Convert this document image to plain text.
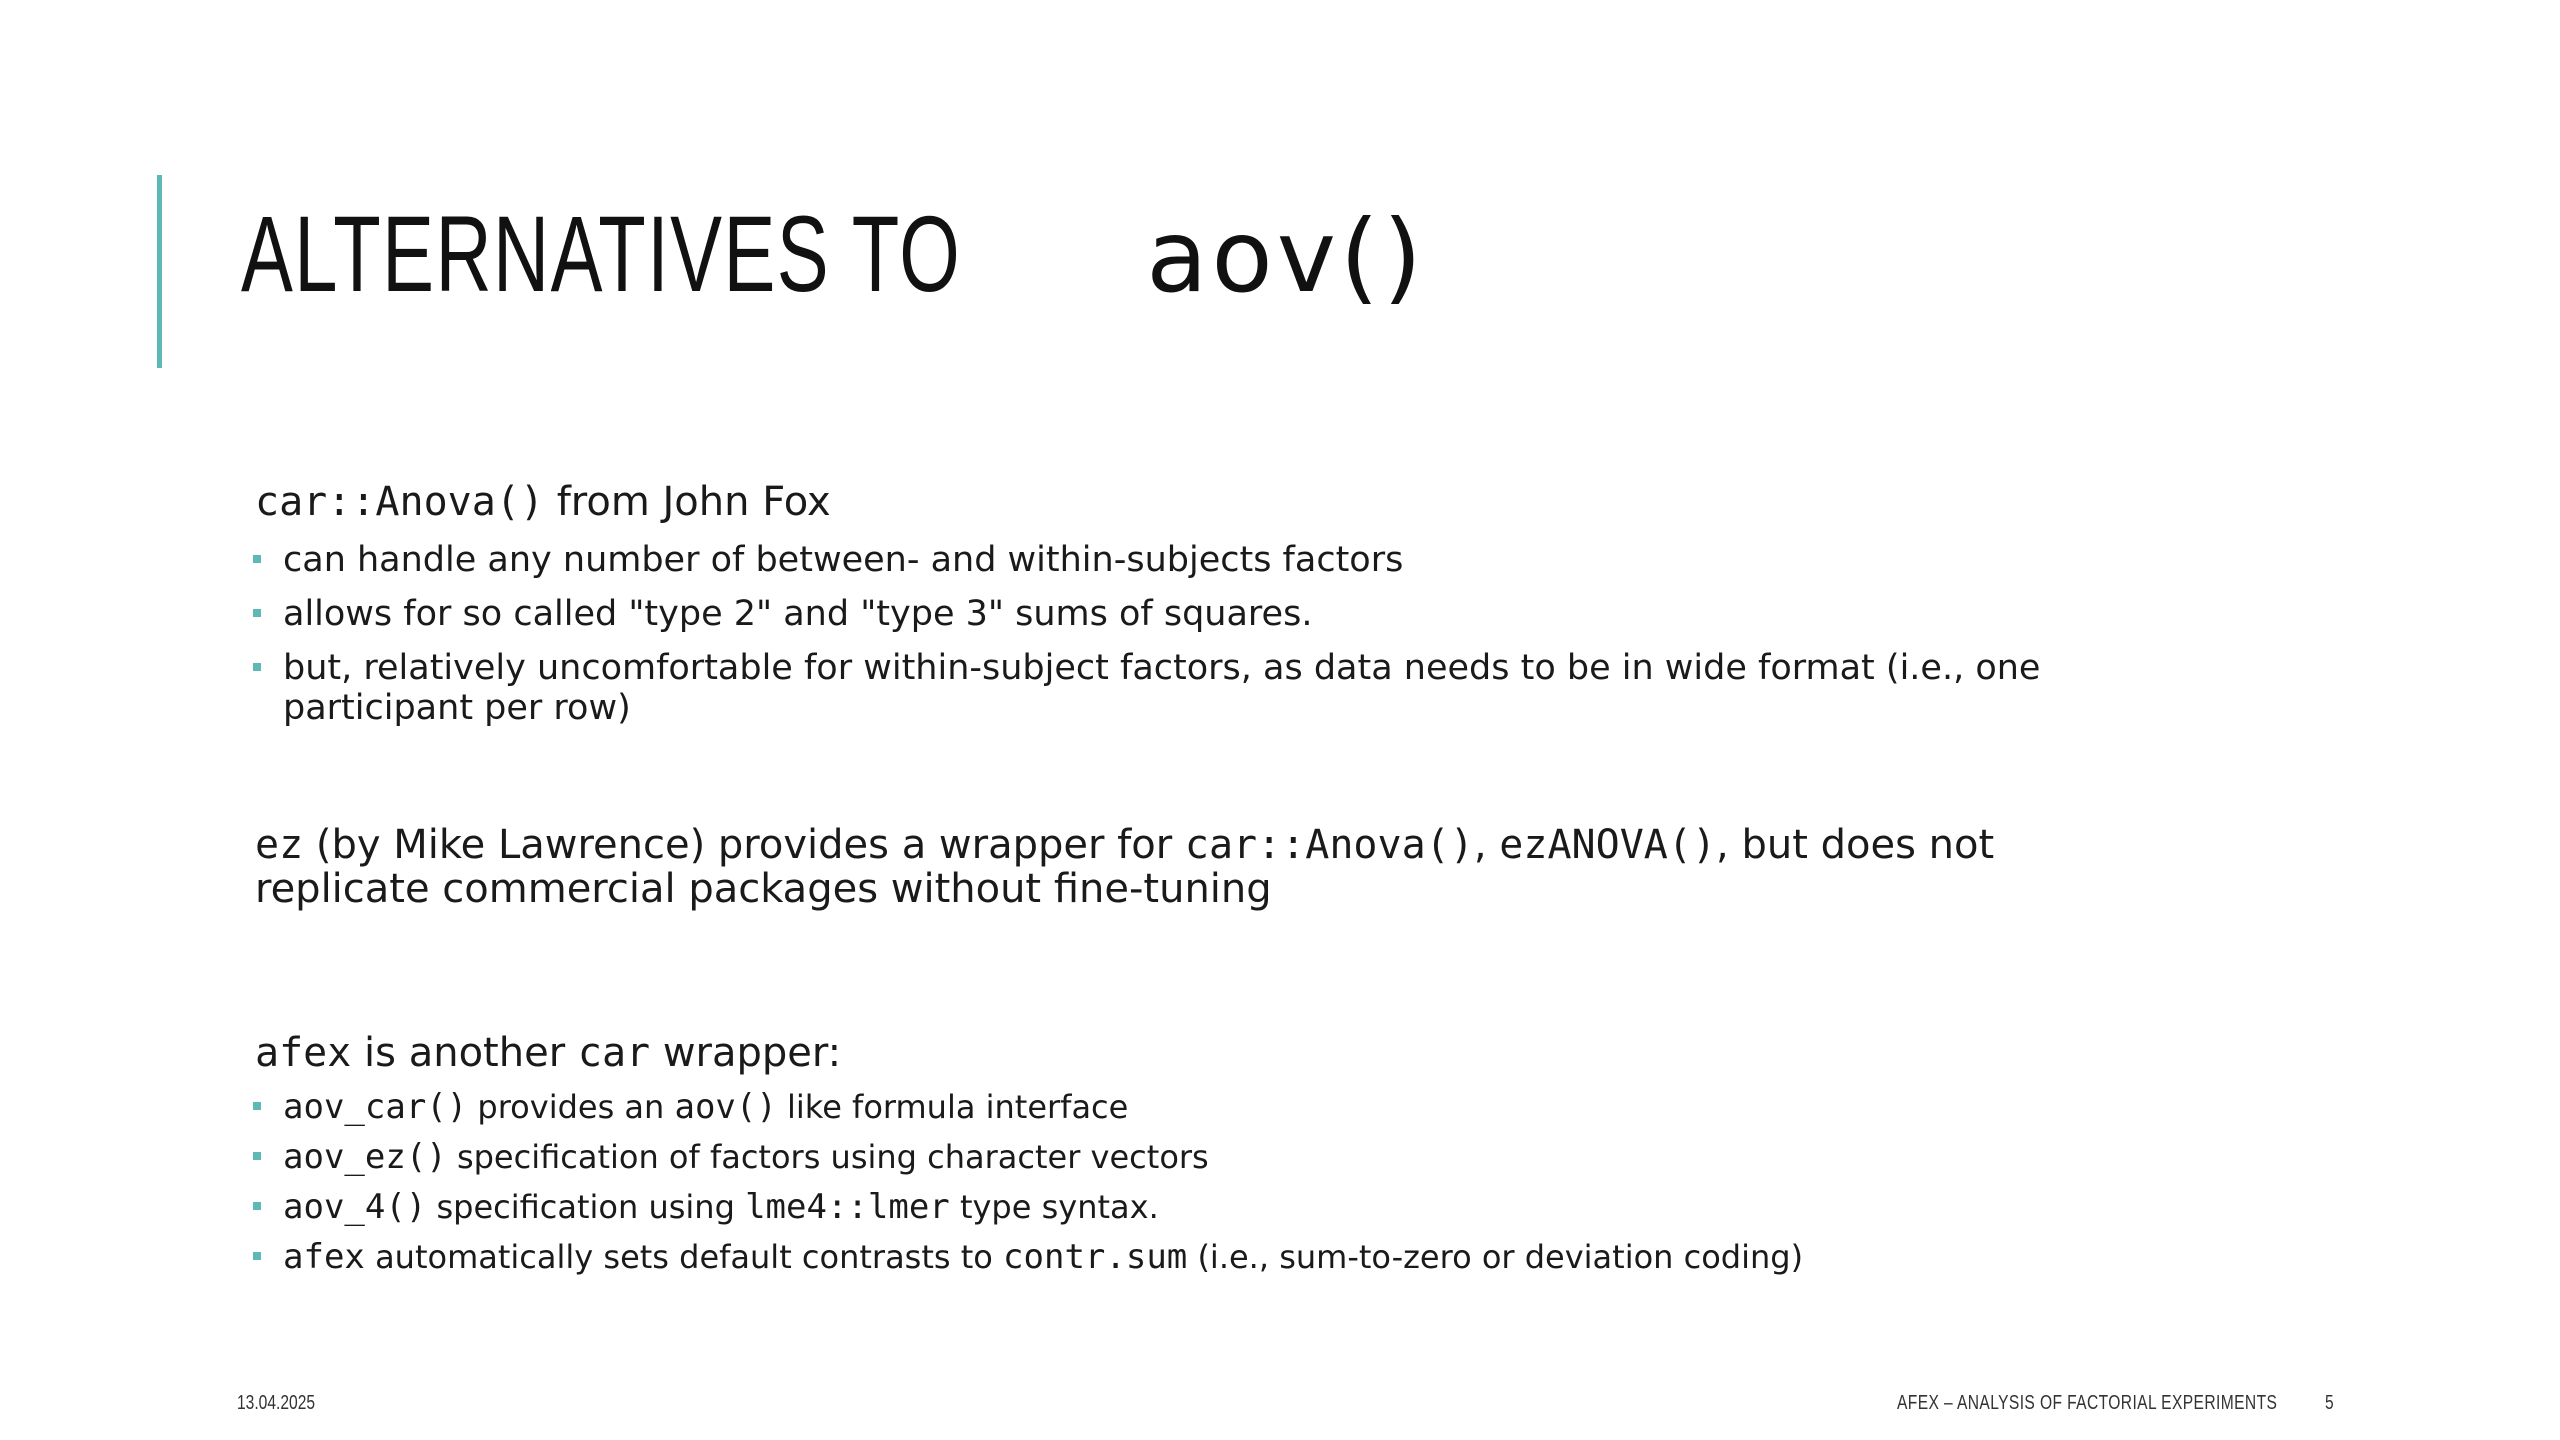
ALTERNATIVES TOaov()

car::Anova() from John Fox

can handle any number of between- and within-subjects factors
allows for so called "type 2" and "type 3" sums of squares.
but, relatively uncomfortable for within-subject factors, as data needs to be in wide format (i.e., one participant per row)

ez (by Mike Lawrence) provides a wrapper for car::Anova(), ezANOVA(), but does not replicate commercial packages without fine-tuning

afex is another car wrapper:

aov_car() provides an aov() like formula interface
aov_ez() specification of factors using character vectors
aov_4() specification using lme4::lmer type syntax.
afex automatically sets default contrasts to contr.sum (i.e., sum-to-zero or deviation coding)
13.04.2025	AFEX – ANALYSIS OF FACTORIAL EXPERIMENTS	5
